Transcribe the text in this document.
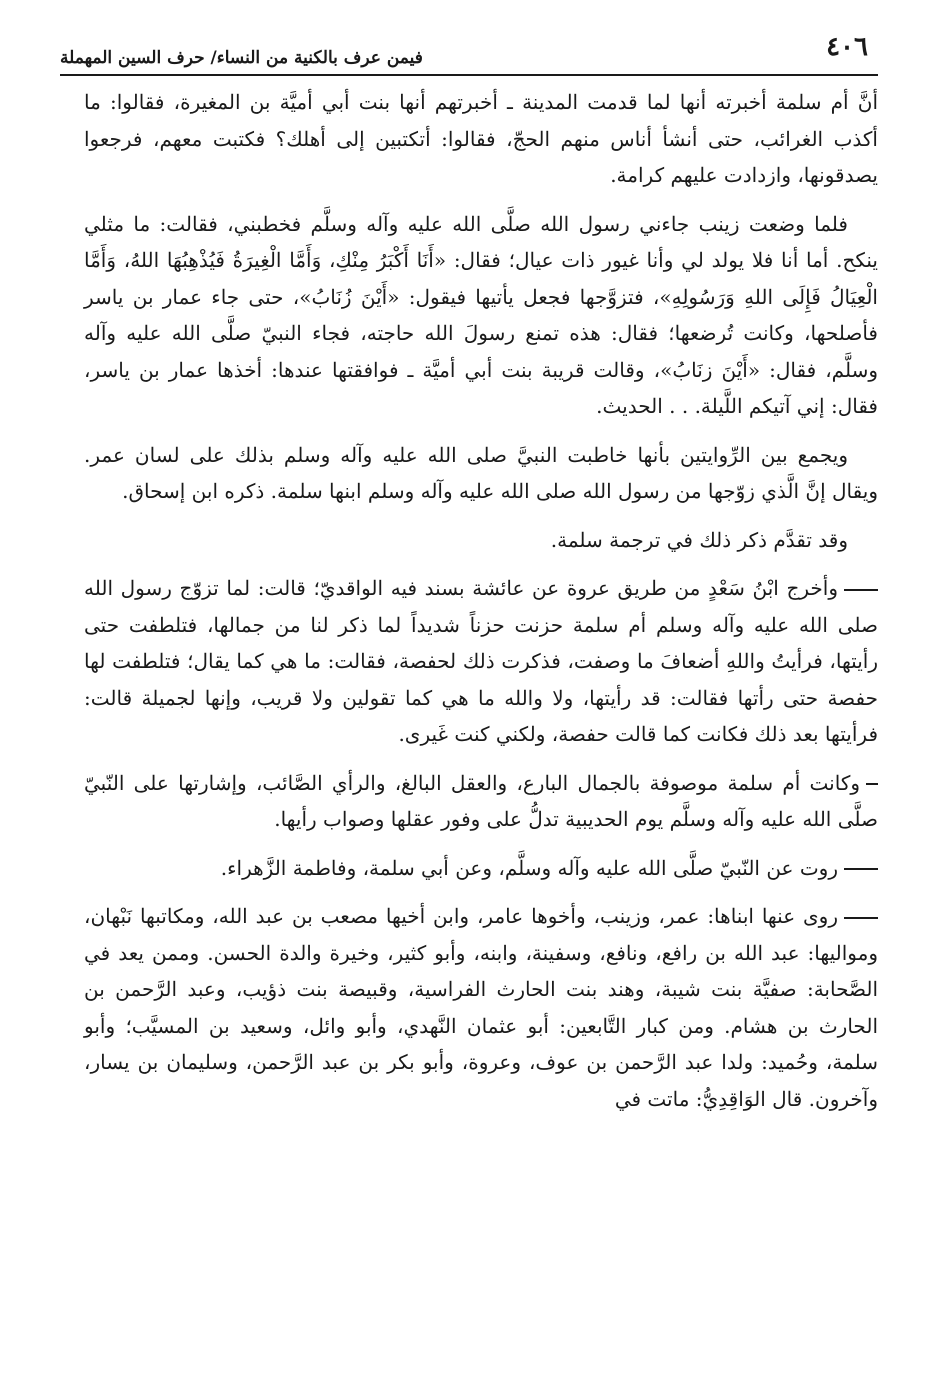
٤٠٦
فيمن عرف بالكنية من النساء/ حرف السين المهملة

أنَّ أم سلمة أخبرته أنها لما قدمت المدينة ـ أخبرتهم أنها بنت أبي أميَّة بن المغيرة، فقالوا: ما أكذب الغرائب، حتى أنشأ أناس منهم الحجّ، فقالوا: أتكتبين إلى أهلك؟ فكتبت معهم، فرجعوا يصدقونها، وازدادت عليهم كرامة.

فلما وضعت زينب جاءني رسول الله صلَّى الله عليه وآله وسلَّم فخطبني، فقالت: ما مثلي ينكح. أما أنا فلا يولد لي وأنا غيور ذات عيال؛ فقال: «أَنَا أَكْبَرُ مِنْكِ، وَأَمَّا الْغِيرَةُ فَيُذْهِبُهَا اللهُ، وَأَمَّا الْعِيَالُ فَإِلَى اللهِ وَرَسُولِهِ»، فتزوَّجها فجعل يأتيها فيقول: «أَيْنَ زُنَابُ»، حتى جاء عمار بن ياسر فأصلحها، وكانت تُرضعها؛ فقال: هذه تمنع رسولَ الله حاجته، فجاء النبيّ صلَّى الله عليه وآله وسلَّم، فقال: «أَيْنَ زنَابُ»، وقالت قريبة بنت أبي أميَّة ـ فوافقتها عندها: أخذها عمار بن ياسر، فقال: إني آتيكم اللَّيلة. . . الحديث.

ويجمع بين الرِّوايتين بأنها خاطبت النبيَّ صلى الله عليه وآله وسلم بذلك على لسان عمر. ويقال إنَّ الَّذي زوّجها من رسول الله صلى الله عليه وآله وسلم ابنها سلمة. ذكره ابن إسحاق.

وقد تقدَّم ذكر ذلك في ترجمة سلمة.

وأخرج ابْنُ سَعْدٍ من طريق عروة عن عائشة بسند فيه الواقديّ؛ قالت: لما تزوّج رسول الله صلى الله عليه وآله وسلم أم سلمة حزنت حزناً شديداً لما ذكر لنا من جمالها، فتلطفت حتى رأيتها، فرأيتُ واللهِ أضعافَ ما وصفت، فذكرت ذلك لحفصة، فقالت: ما هي كما يقال؛ فتلطفت لها حفصة حتى رأتها فقالت: قد رأيتها، ولا والله ما هي كما تقولين ولا قريب، وإنها لجميلة قالت: فرأيتها بعد ذلك فكانت كما قالت حفصة، ولكني كنت غَيرى.

وكانت أم سلمة موصوفة بالجمال البارع، والعقل البالغ، والرأي الصَّائب، وإشارتها على النّبيّ صلَّى الله عليه وآله وسلَّم يوم الحديبية تدلُّ على وفور عقلها وصواب رأيها.

روت عن النّبيّ صلَّى الله عليه وآله وسلَّم، وعن أبي سلمة، وفاطمة الزَّهراء.

روى عنها ابناها: عمر، وزينب، وأخوها عامر، وابن أخيها مصعب بن عبد الله، ومكاتبها نَبْهان، ومواليها: عبد الله بن رافع، ونافع، وسفينة، وابنه، وأبو كثير، وخيرة والدة الحسن. وممن يعد في الصَّحابة: صفيَّة بنت شيبة، وهند بنت الحارث الفراسية، وقبيصة بنت ذؤيب، وعبد الرَّحمن بن الحارث بن هشام. ومن كبار التَّابعين: أبو عثمان النَّهدي، وأبو وائل، وسعيد بن المسيَّب؛ وأبو سلمة، وحُميد: ولدا عبد الرَّحمن بن عوف، وعروة، وأبو بكر بن عبد الرَّحمن، وسليمان بن يسار، وآخرون. قال الوَاقِدِيُّ: ماتت في
